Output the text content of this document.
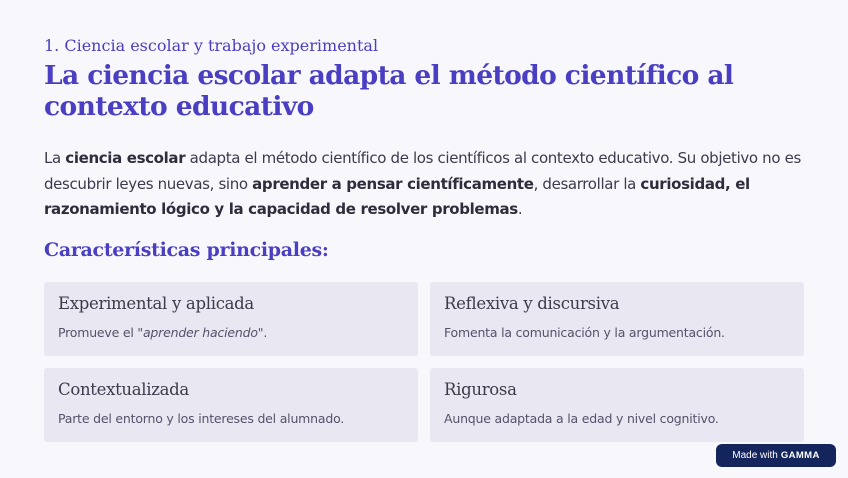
1. Ciencia escolar y trabajo experimental
La ciencia escolar adapta el método científico al contexto educativo

La ciencia escolar adapta el método científico de los científicos al contexto educativo. Su objetivo no es descubrir leyes nuevas, sino aprender a pensar científicamente, desarrollar la curiosidad, el razonamiento lógico y la capacidad de resolver problemas.

Características principales:
Experimental y aplicada
Promueve el "aprender haciendo".
Reflexiva y discursiva
Fomenta la comunicación y la argumentación.
Contextualizada
Parte del entorno y los intereses del alumnado.
Rigurosa
Aunque adaptada a la edad y nivel cognitivo.
Made with GAMMA
